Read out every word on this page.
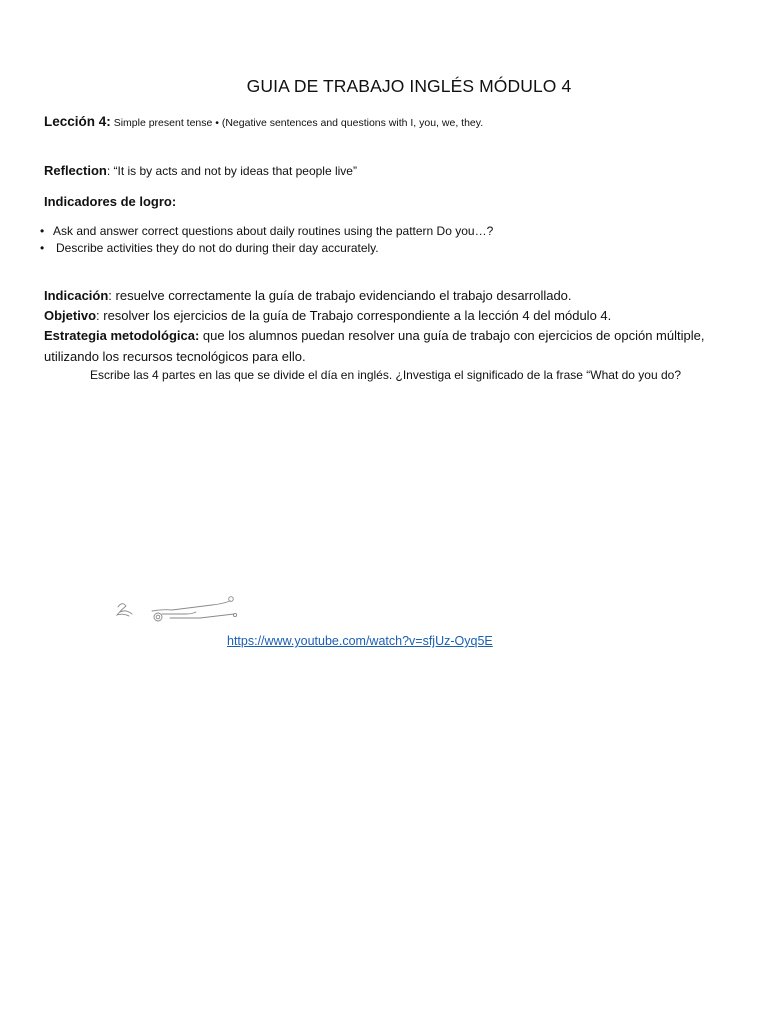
GUIA DE TRABAJO INGLÉS MÓDULO 4
Lección 4: Simple present tense • (Negative sentences and questions with I, you, we, they.
Reflection: “It is by acts and not by ideas that people live”
Indicadores de logro:
• Ask and answer correct questions about daily routines using the pattern Do you…?
• Describe activities they do not do during their day accurately.
Indicación: resuelve correctamente la guía de trabajo evidenciando el trabajo desarrollado.
Objetivo: resolver los ejercicios de la guía de Trabajo correspondiente a la lección 4 del módulo 4.
Estrategia metodológica: que los alumnos puedan resolver una guía de trabajo con ejercicios de opción múltiple,
utilizando los recursos tecnológicos para ello.
Escribe las 4 partes en las que se divide el día en inglés. ¿Investiga el significado de la frase “What do you do?
https://www.youtube.com/watch?v=sfjUz-Oyq5E
